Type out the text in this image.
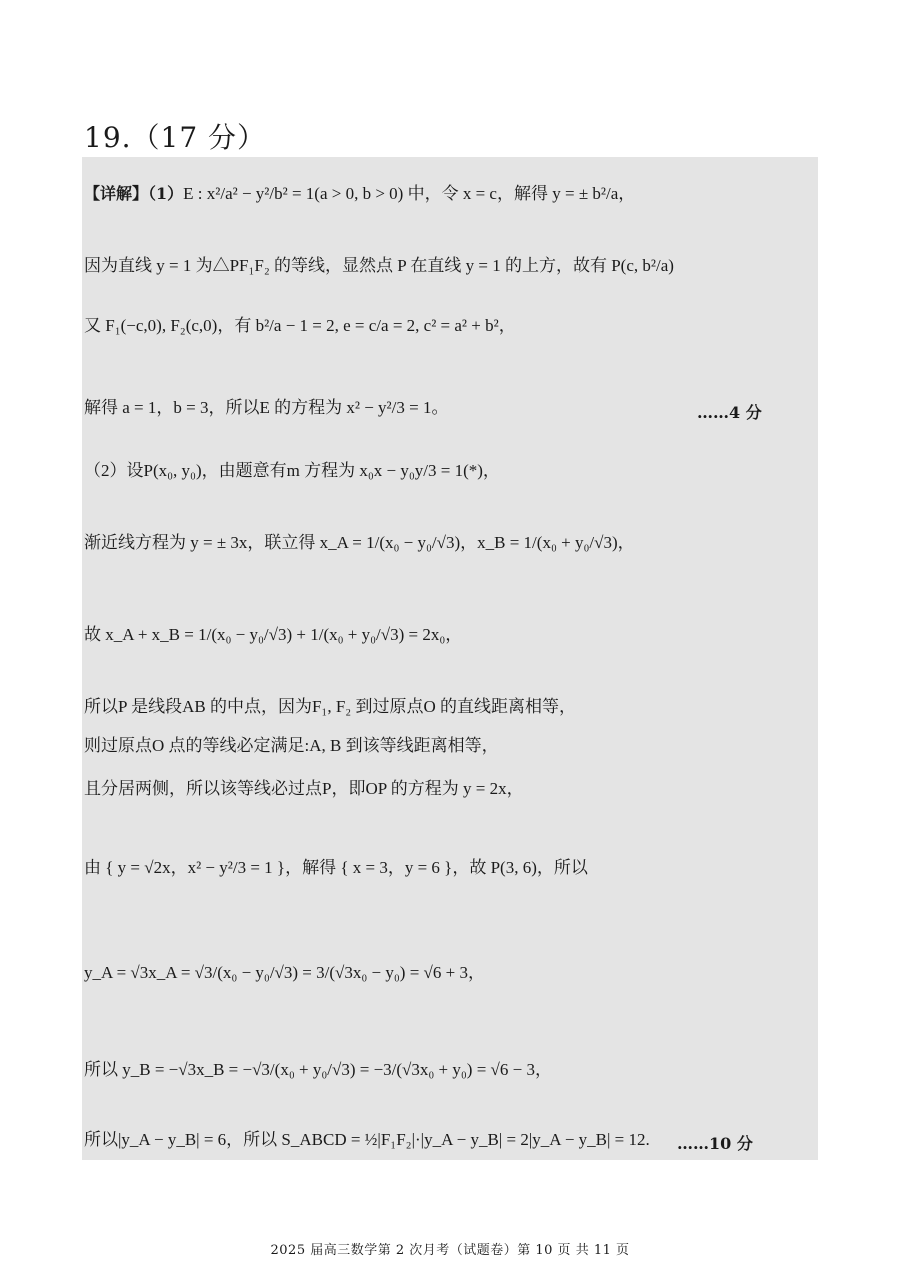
19.（17 分）
【详解】（1）E : x²/a² − y²/b² = 1(a > 0, b > 0) 中，令 x = c，解得 y = ± b²/a，
因为直线 y = 1 为△PF₁F₂ 的等线，显然点 P 在直线 y = 1 的上方，故有 P(c, b²/a)
又 F₁(−c,0), F₂(c,0)，有 b²/a − 1 = 2, e = c/a = 2, c² = a² + b²，
解得 a = 1，b = 3，所以E 的方程为 x² − y²/3 = 1。	……4 分
（2）设P(x₀, y₀)，由题意有m 方程为 x₀x − y₀y/3 = 1(*)，
渐近线方程为 y = ± 3x，联立得 x_A = 1/(x₀ − y₀/√3)，x_B = 1/(x₀ + y₀/√3)，
故 x_A + x_B = 1/(x₀ − y₀/√3) + 1/(x₀ + y₀/√3) = 2x₀，
所以P 是线段AB 的中点，因为F₁, F₂ 到过原点O 的直线距离相等，
则过原点O 点的等线必定满足:A, B 到该等线距离相等，
且分居两侧，所以该等线必过点P，即OP 的方程为 y = 2x，
由 { y = √2x，x² − y²/3 = 1 }，解得 { x = 3，y = 6 }，故 P(3, 6)，所以
y_A = √3x_A = √3/(x₀ − y₀/√3) = 3/(√3x₀ − y₀) = √6 + 3，
所以 y_B = −√3x_B = −√3/(x₀ + y₀/√3) = −3/(√3x₀ + y₀) = √6 − 3，
所以|y_A − y_B| = 6，所以 S_ABCD = ½|F₁F₂|·|y_A − y_B| = 2|y_A − y_B| = 12. ……10 分
2025 届高三数学第 2 次月考（试题卷）第 10 页 共 11 页
